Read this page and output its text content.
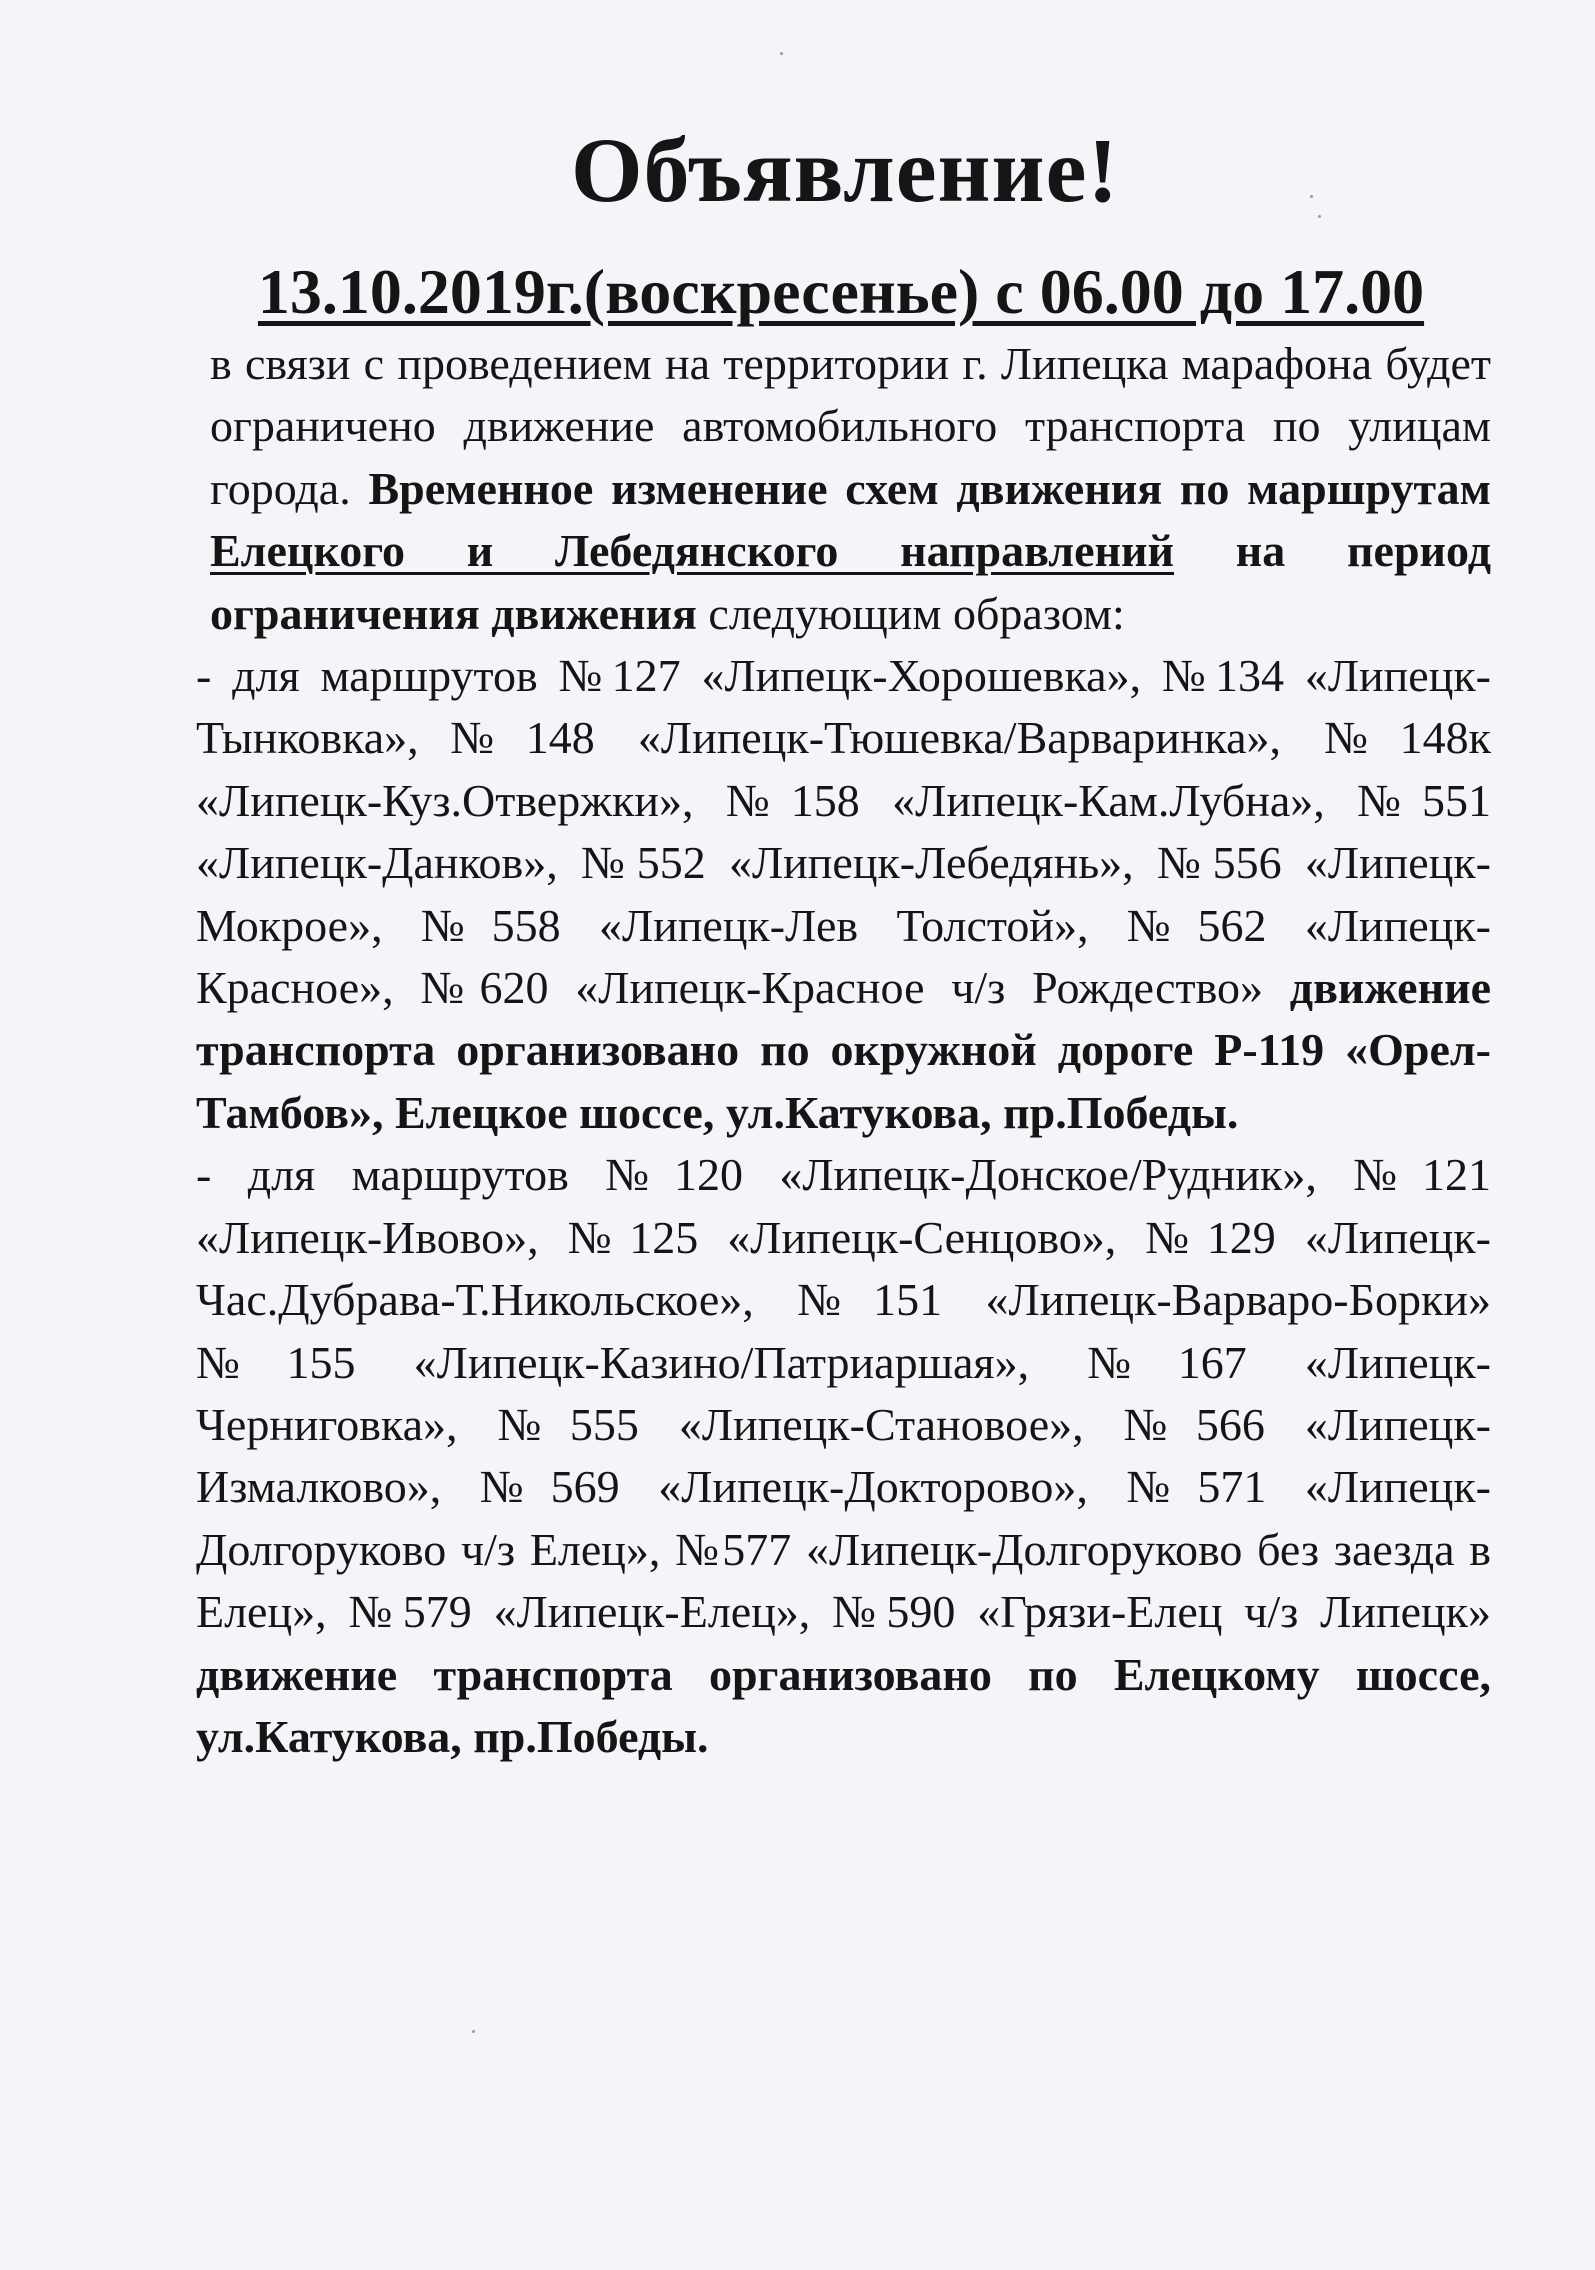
Объявление!
13.10.2019г.(воскресенье) с 06.00 до 17.00

в связи с проведением на территории г. Липецка марафона будет ограничено движение автомобильного транспорта по улицам города. Временное изменение схем движения по маршрутам Елецкого и Лебедянского направлений на период ограничения движения следующим образом:

- для маршрутов №127 «Липецк-Хорошевка», №134 «Липецк-Тынковка»,№148 «Липецк-Тюшевка/Варваринка», №148к «Липецк-Куз.Отвержки», №158 «Липецк-Кам.Лубна», №551 «Липецк-Данков», №552 «Липецк-Лебедянь», №556 «Липецк-Мокрое», №558 «Липецк-Лев Толстой», №562 «Липецк-Красное», №620 «Липецк-Красное ч/з Рождество» движение транспорта организовано по окружной дороге Р-119 «Орел-Тамбов», Елецкое шоссе, ул.Катукова, пр.Победы.

- для маршрутов №120 «Липецк-Донское/Рудник», №121 «Липецк-Ивово», №125 «Липецк-Сенцово», №129 «Липецк-Час.Дубрава-Т.Никольское», №151 «Липецк-Варваро-Борки» №155 «Липецк-Казино/Патриаршая», №167 «Липецк-Черниговка», №555 «Липецк-Становое», №566 «Липецк-Измалково», №569 «Липецк-Докторово», №571 «Липецк-Долгоруково ч/з Елец», №577 «Липецк-Долгоруково без заезда в Елец», №579 «Липецк-Елец», №590 «Грязи-Елец ч/з Липецк» движение транспорта организовано по Елецкому шоссе, ул.Катукова, пр.Победы.
